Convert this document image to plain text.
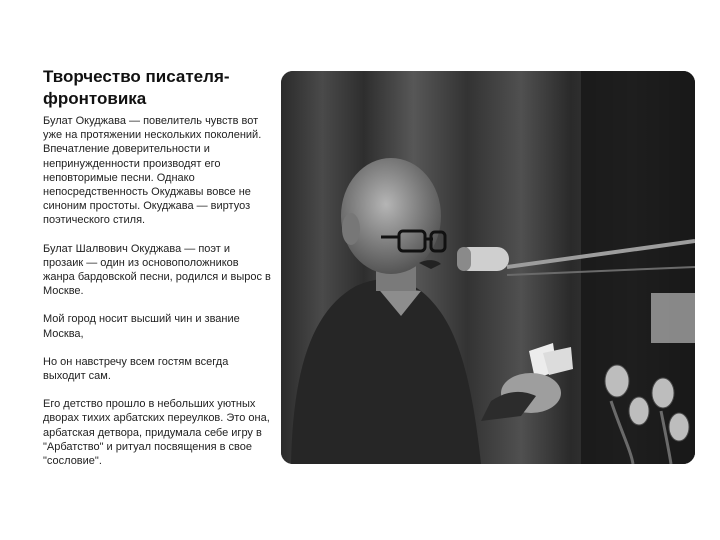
Творчество писателя-фронтовика

Булат Окуджава — повелитель чувств вот уже на протяжении нескольких поколений. Впечатление доверительности и непринужденности производят его неповторимые песни. Однако непосредственность Окуджавы вовсе не синоним простоты. Окуджава — виртуоз поэтического стиля.

Булат Шалвович Окуджава — поэт и прозаик — один из основоположников жанра бардовской песни, родился и вырос в Москве.

Мой город носит высший чин и звание Москва,

Но он навстречу всем гостям всегда выходит сам.

Его детство прошло в небольших уютных дворах тихих арбатских переулков. Это она, арбатская детвора, придумала себе игру в "Арбатство" и ритуал посвящения в свое "сословие".
